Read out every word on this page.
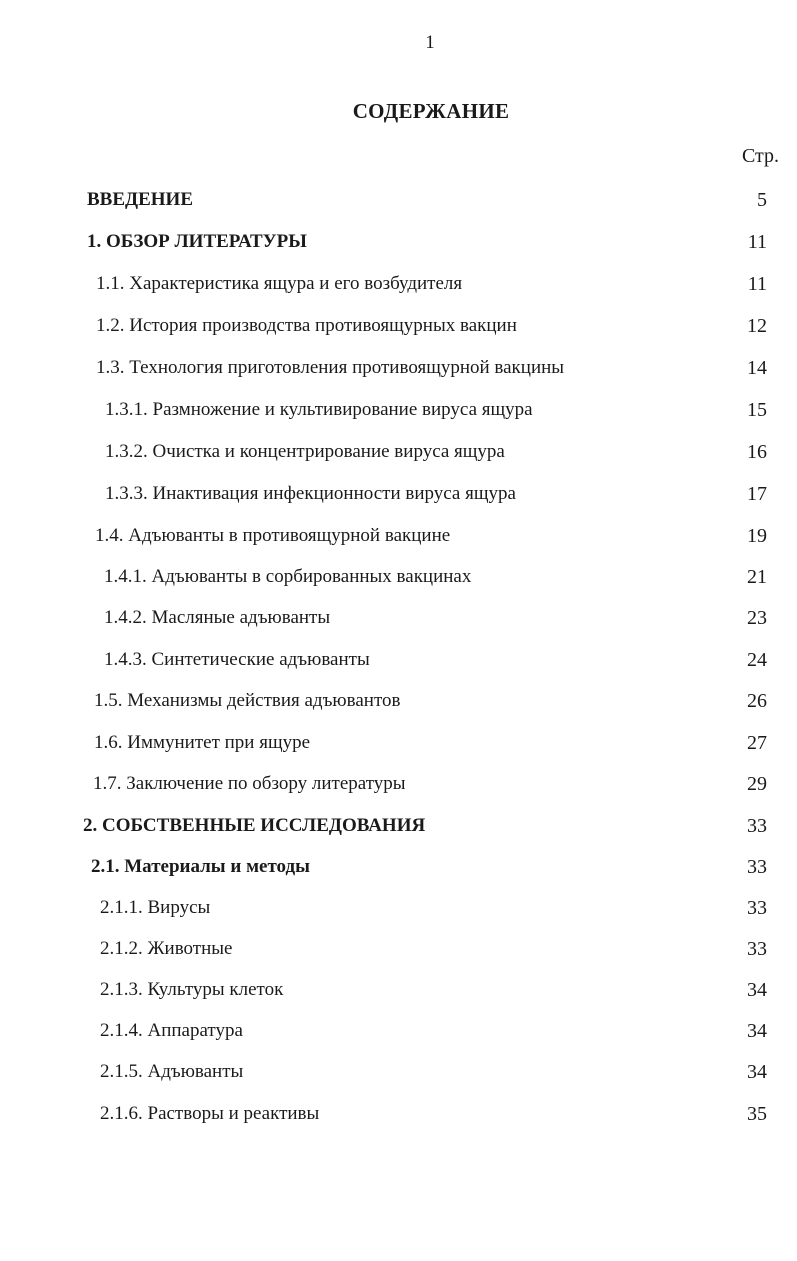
1
СОДЕРЖАНИЕ
Стр.
ВВЕДЕНИЕ	5
1. ОБЗОР ЛИТЕРАТУРЫ	11
1.1. Характеристика ящура и его возбудителя	11
1.2. История производства противоящурных вакцин	12
1.3. Технология приготовления противоящурной вакцины	14
1.3.1. Размножение и культивирование вируса ящура	15
1.3.2. Очистка и концентрирование вируса ящура	16
1.3.3. Инактивация инфекционности вируса ящура	17
1.4. Адъюванты в противоящурной вакцине	19
1.4.1. Адъюванты в сорбированных вакцинах	21
1.4.2. Масляные адъюванты	23
1.4.3. Синтетические адъюванты	24
1.5. Механизмы действия адъювантов	26
1.6. Иммунитет при ящуре	27
1.7. Заключение по обзору литературы	29
2. СОБСТВЕННЫЕ ИССЛЕДОВАНИЯ	33
2.1. Материалы и методы	33
2.1.1. Вирусы	33
2.1.2. Животные	33
2.1.3. Культуры клеток	34
2.1.4. Аппаратура	34
2.1.5. Адъюванты	34
2.1.6. Растворы и реактивы	35
